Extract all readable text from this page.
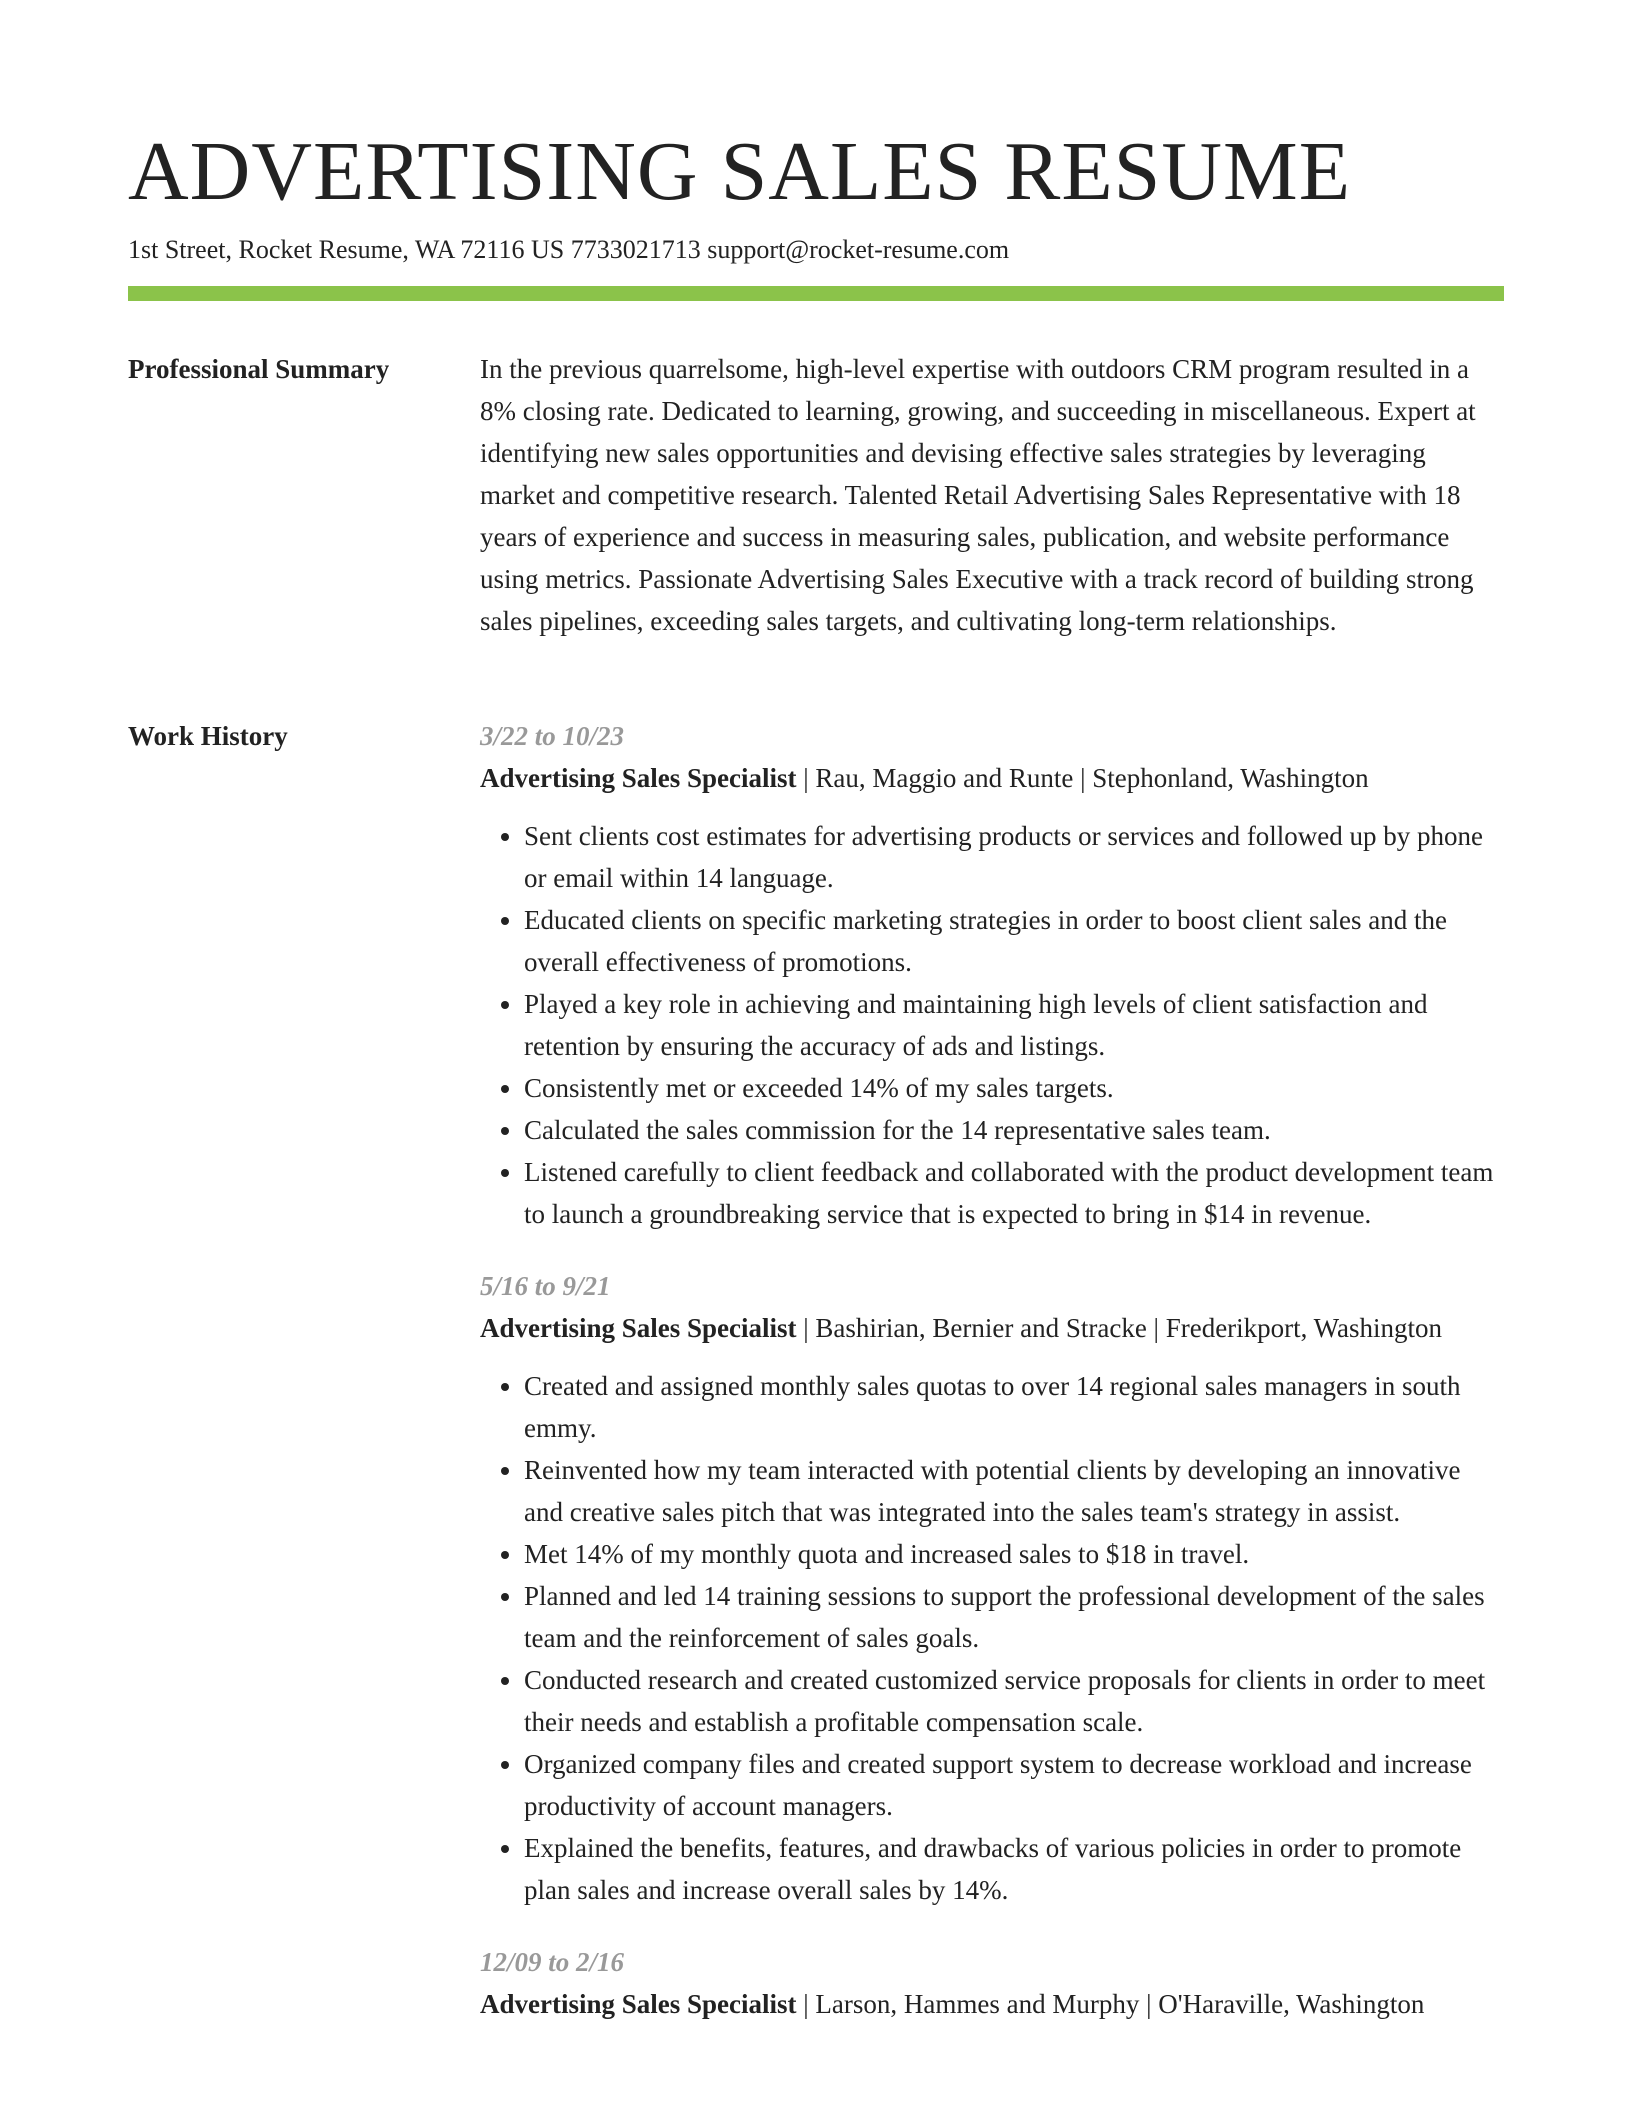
ADVERTISING SALES RESUME
1st Street, Rocket Resume, WA 72116 US 7733021713 support@rocket-resume.com
Professional Summary	In the previous quarrelsome, high-level expertise with outdoors CRM program resulted in a 8% closing rate. Dedicated to learning, growing, and succeeding in miscellaneous. Expert at identifying new sales opportunities and devising effective sales strategies by leveraging market and competitive research. Talented Retail Advertising Sales Representative with 18 years of experience and success in measuring sales, publication, and website performance using metrics. Passionate Advertising Sales Executive with a track record of building strong sales pipelines, exceeding sales targets, and cultivating long-term relationships.

Work History	3/22 to 10/23

Advertising Sales Specialist | Rau, Maggio and Runte | Stephonland, Washington

• Sent clients cost estimates for advertising products or services and followed up by phone or email within 14 language.
• Educated clients on specific marketing strategies in order to boost client sales and the overall effectiveness of promotions.
• Played a key role in achieving and maintaining high levels of client satisfaction and retention by ensuring the accuracy of ads and listings.
• Consistently met or exceeded 14% of my sales targets.
• Calculated the sales commission for the 14 representative sales team.
• Listened carefully to client feedback and collaborated with the product development team to launch a groundbreaking service that is expected to bring in $14 in revenue.

5/16 to 9/21

Advertising Sales Specialist | Bashirian, Bernier and Stracke | Frederikport, Washington

• Created and assigned monthly sales quotas to over 14 regional sales managers in south emmy.
• Reinvented how my team interacted with potential clients by developing an innovative and creative sales pitch that was integrated into the sales team's strategy in assist.
• Met 14% of my monthly quota and increased sales to $18 in travel.
• Planned and led 14 training sessions to support the professional development of the sales team and the reinforcement of sales goals.
• Conducted research and created customized service proposals for clients in order to meet their needs and establish a profitable compensation scale.
• Organized company files and created support system to decrease workload and increase productivity of account managers.
• Explained the benefits, features, and drawbacks of various policies in order to promote plan sales and increase overall sales by 14%.

12/09 to 2/16

Advertising Sales Specialist | Larson, Hammes and Murphy | O'Haraville, Washington
